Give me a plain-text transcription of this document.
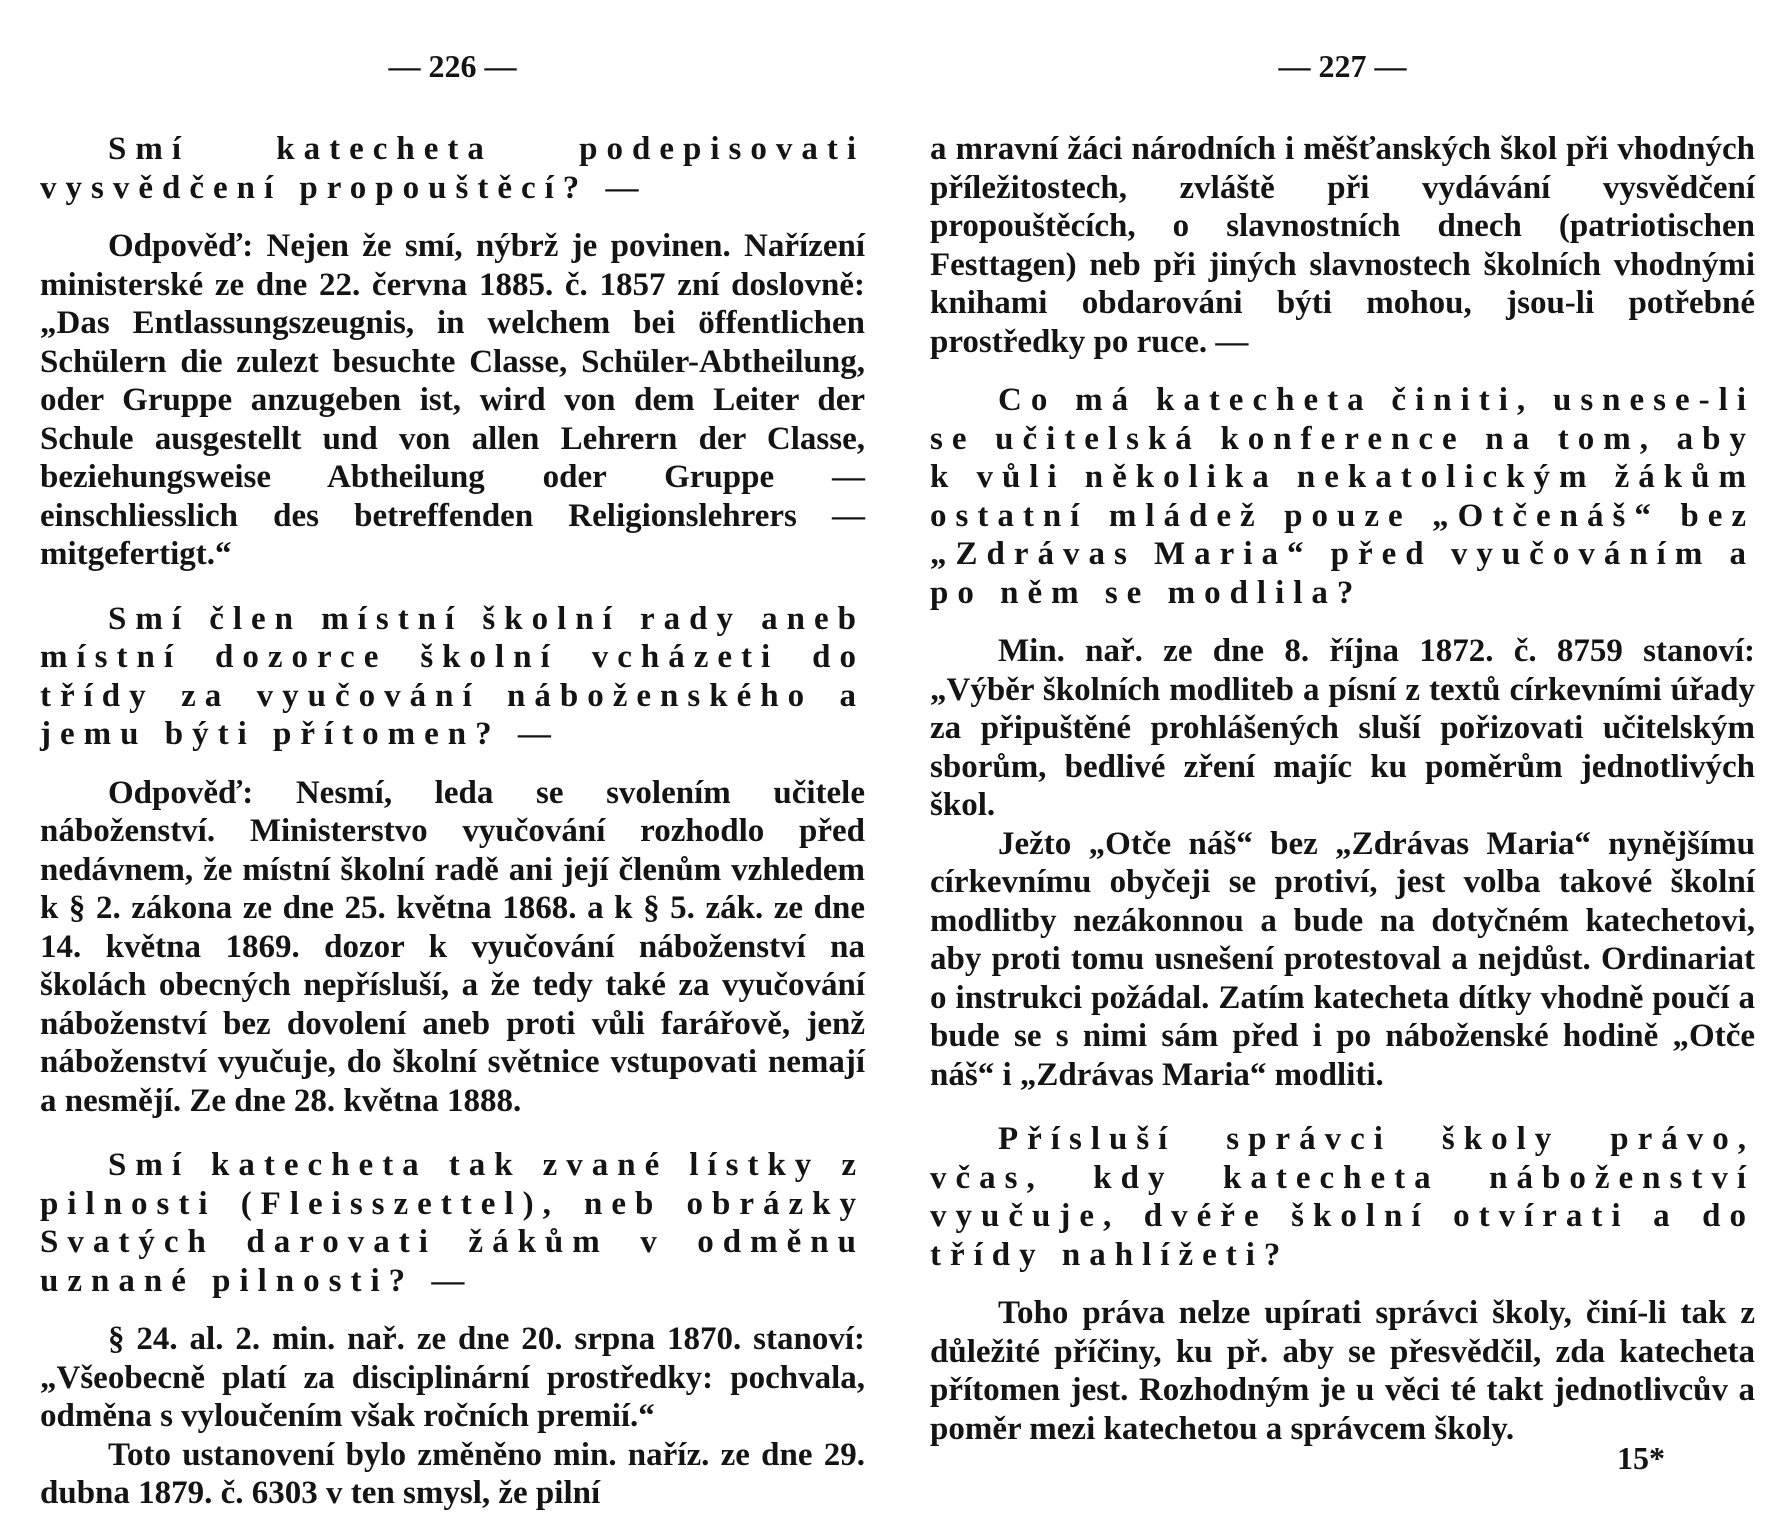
— 226 —

Smí katecheta podepisovati vysvědčení propouštěcí? —

Odpověď: Nejen že smí, nýbrž je povinen. Nařízení ministerské ze dne 22. června 1885. č. 1857 zní doslovně: „Das Entlassungszeugnis, in welchem bei öffentlichen Schülern die zulezt besuchte Classe, Schüler-Abtheilung, oder Gruppe anzugeben ist, wird von dem Leiter der Schule ausgestellt und von allen Lehrern der Classe, beziehungsweise Abtheilung oder Gruppe — einschliesslich des betreffenden Religionslehrers — mitgefertigt.“

Smí člen místní školní rady aneb místní dozorce školní vcházeti do třídy za vyučování náboženského a jemu býti přítomen? —

Odpověď: Nesmí, leda se svolením učitele náboženství. Ministerstvo vyučování rozhodlo před nedávnem, že místní školní radě ani její členům vzhledem k § 2. zákona ze dne 25. května 1868. a k § 5. zák. ze dne 14. května 1869. dozor k vyučování náboženství na školách obecných nepřísluší, a že tedy také za vyučování náboženství bez dovolení aneb proti vůli farářově, jenž náboženství vyučuje, do školní světnice vstupovati nemají a nesmějí. Ze dne 28. května 1888.

Smí katecheta tak zvané lístky z pilnosti (Fleisszettel), neb obrázky Svatých darovati žákům v odměnu uznané pilnosti? —

§ 24. al. 2. min. nař. ze dne 20. srpna 1870. stanoví: „Všeobecně platí za disciplinární prostředky: pochvala, odměna s vyloučením však ročních premií.“

Toto ustanovení bylo změněno min. naříz. ze dne 29. dubna 1879. č. 6303 v ten smysl, že pilní

— 227 —

a mravní žáci národních i měšťanských škol při vhodných příležitostech, zvláště při vydávání vysvědčení propouštěcích, o slavnostních dnech (patriotischen Festtagen) neb při jiných slavnostech školních vhodnými knihami obdarováni býti mohou, jsou-li potřebné prostředky po ruce. —

Co má katecheta činiti, usnese-li se učitelská konference na tom, aby k vůli několika nekatolickým žákům ostatní mládež pouze „Otčenáš“ bez „Zdrávas Maria“ před vyučováním a po něm se modlila?

Min. nař. ze dne 8. října 1872. č. 8759 stanoví: „Výběr školních modliteb a písní z textů církevními úřady za připuštěné prohlášených sluší pořizovati učitelským sborům, bedlivé zření majíc ku poměrům jednotlivých škol.

Ježto „Otče náš“ bez „Zdrávas Maria“ nynějšímu církevnímu obyčeji se protiví, jest volba takové školní modlitby nezákonnou a bude na dotyčném katechetovi, aby proti tomu usnešení protestoval a nejdůst. Ordinariat o instrukci požádal. Zatím katecheta dítky vhodně poučí a bude se s nimi sám před i po náboženské hodině „Otče náš“ i „Zdrávas Maria“ modliti.

Přísluší správci školy právo, včas, kdy katecheta náboženství vyučuje, dvéře školní otvírati a do třídy nahlížeti?

Toho práva nelze upírati správci školy, činí-li tak z důležité příčiny, ku př. aby se přesvědčil, zda katecheta přítomen jest. Rozhodným je u věci té takt jednotlivcův a poměr mezi katechetou a správcem školy.

15*
